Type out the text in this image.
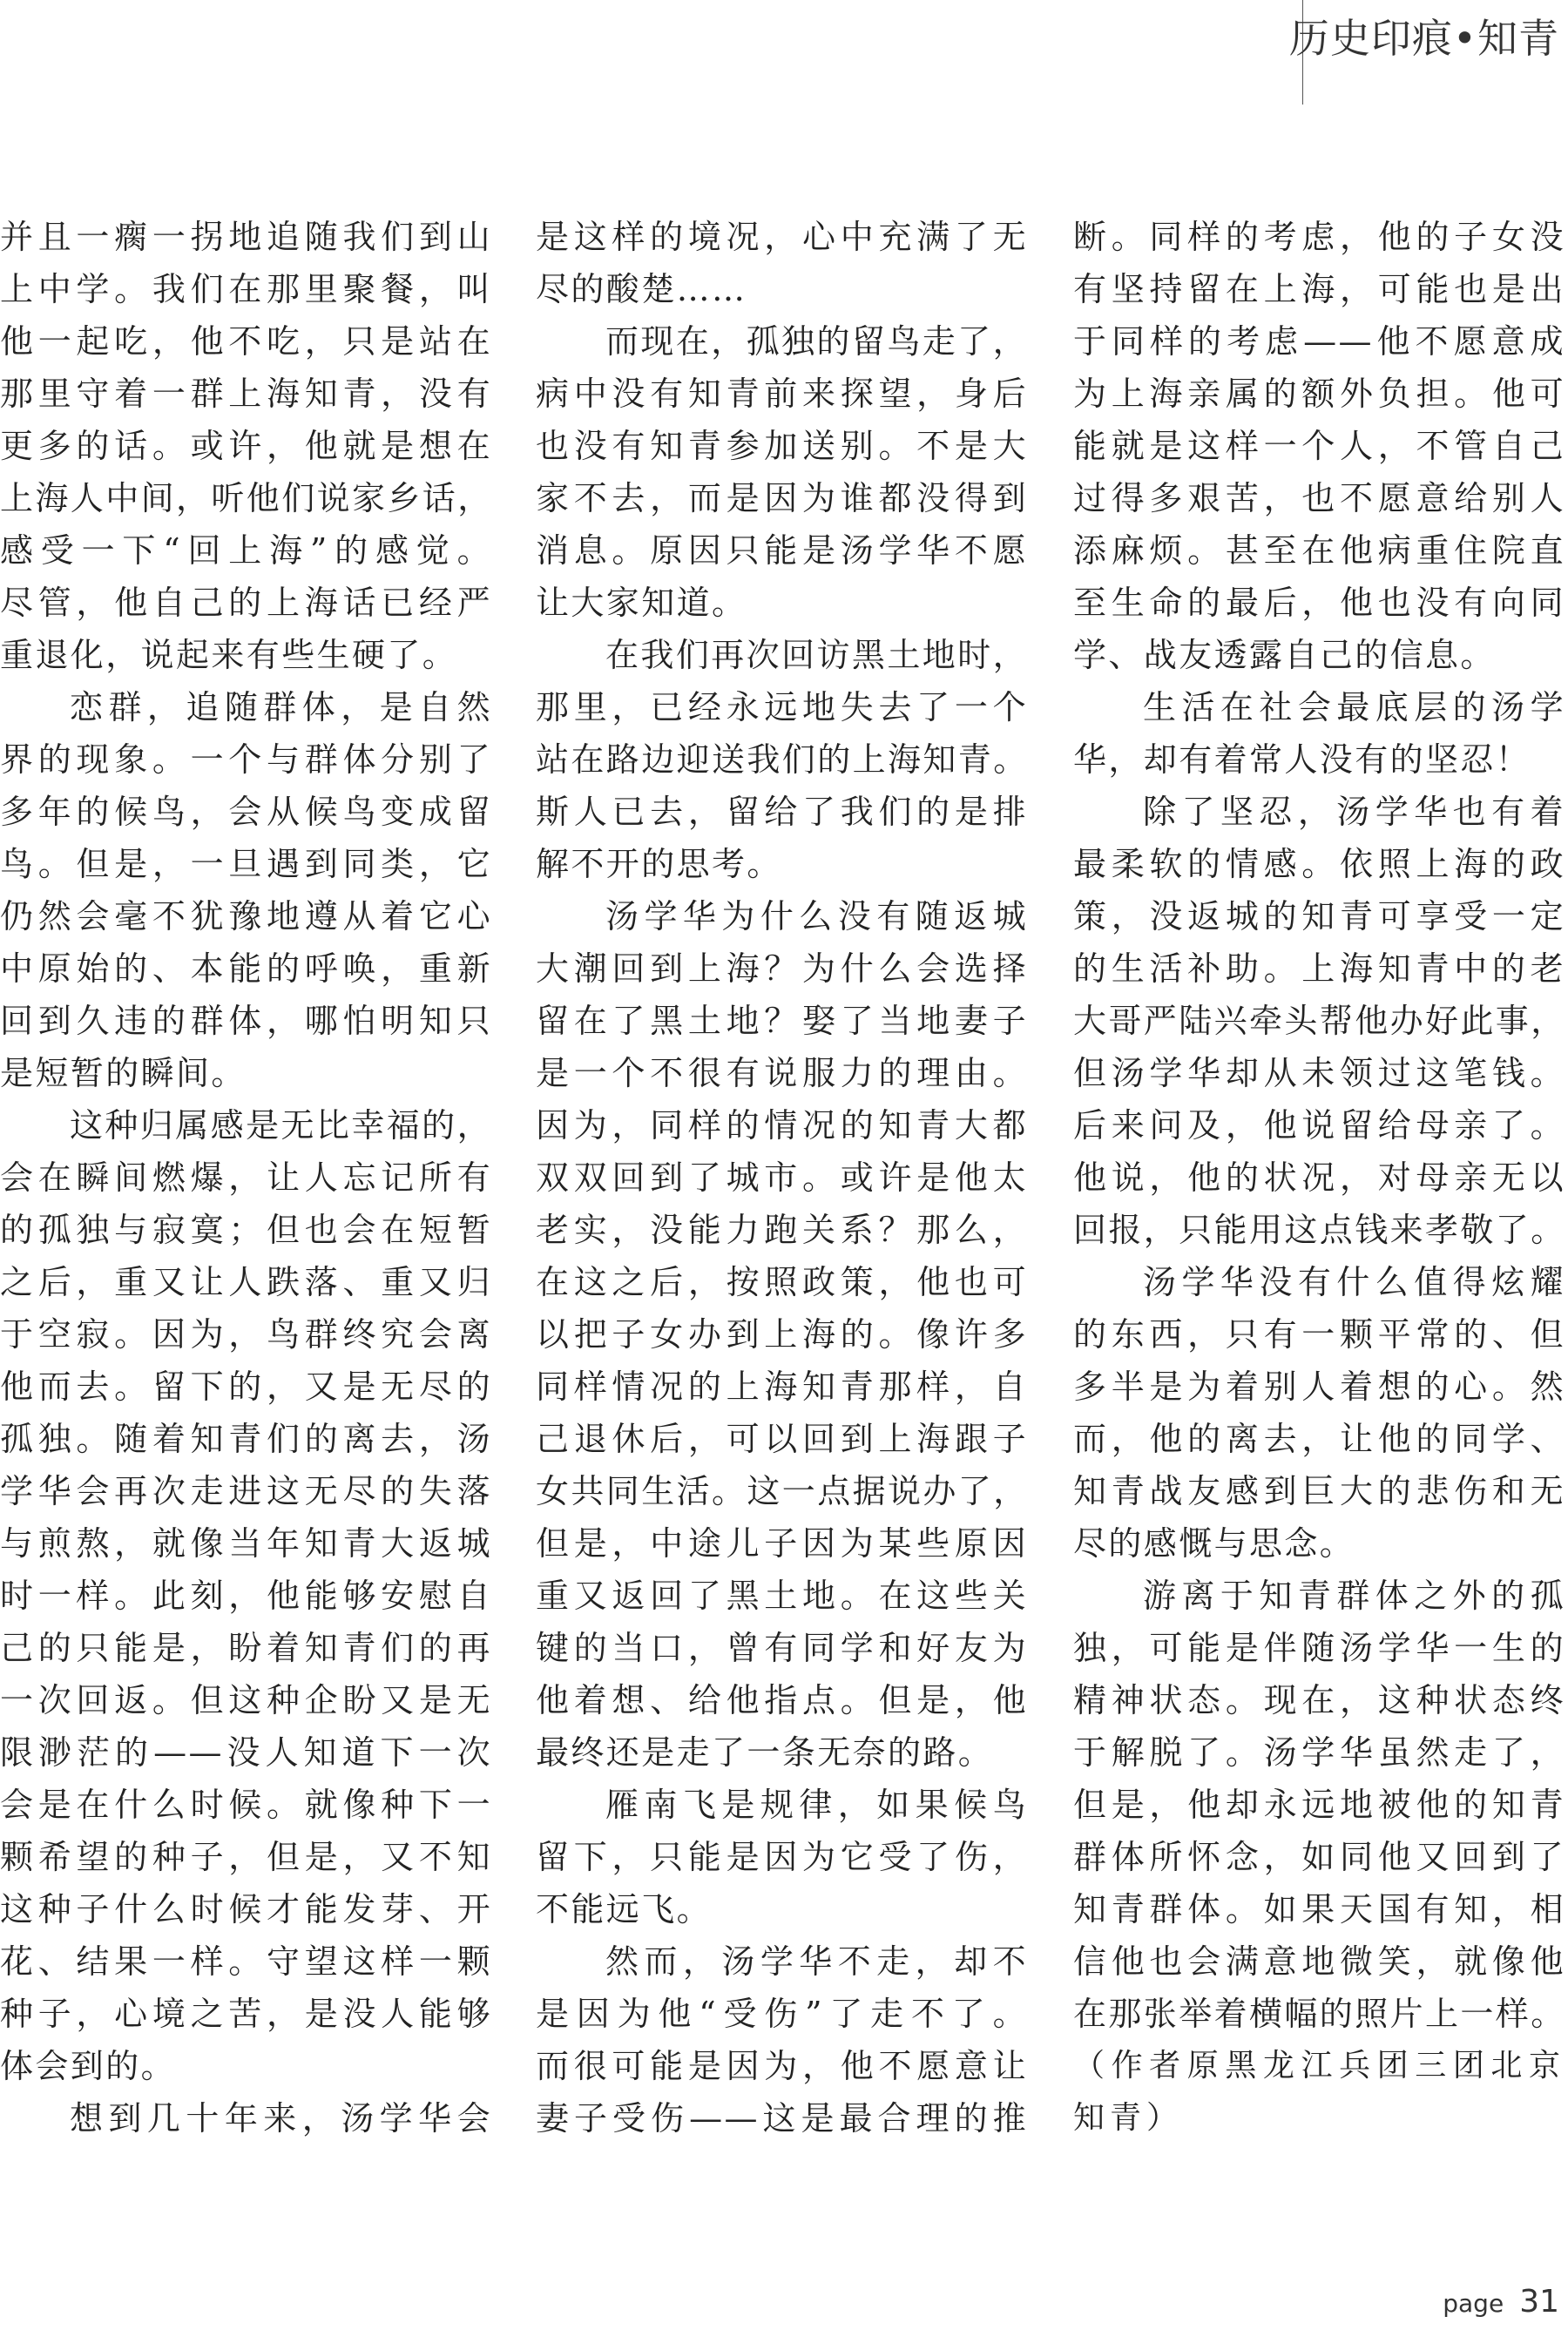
历史印痕•知青
并且一瘸一拐地追随我们到山
上中学。我们在那里聚餐，叫
他一起吃，他不吃，只是站在
那里守着一群上海知青，没有
更多的话。或许，他就是想在
上海人中间，听他们说家乡话，
感受一下“回上海”的感觉。
尽管，他自己的上海话已经严
重退化，说起来有些生硬了。
恋群，追随群体，是自然
界的现象。一个与群体分别了
多年的候鸟，会从候鸟变成留
鸟。但是，一旦遇到同类，它
仍然会毫不犹豫地遵从着它心
中原始的、本能的呼唤，重新
回到久违的群体，哪怕明知只
是短暂的瞬间。
这种归属感是无比幸福的，
会在瞬间燃爆，让人忘记所有
的孤独与寂寞；但也会在短暂
之后，重又让人跌落、重又归
于空寂。因为，鸟群终究会离
他而去。留下的，又是无尽的
孤独。随着知青们的离去，汤
学华会再次走进这无尽的失落
与煎熬，就像当年知青大返城
时一样。此刻，他能够安慰自
己的只能是，盼着知青们的再
一次回返。但这种企盼又是无
限渺茫的——没人知道下一次
会是在什么时候。就像种下一
颗希望的种子，但是，又不知
这种子什么时候才能发芽、开
花、结果一样。守望这样一颗
种子，心境之苦，是没人能够
体会到的。
想到几十年来，汤学华会
是这样的境况，心中充满了无
尽的酸楚……
而现在，孤独的留鸟走了，
病中没有知青前来探望，身后
也没有知青参加送别。不是大
家不去，而是因为谁都没得到
消息。原因只能是汤学华不愿
让大家知道。
在我们再次回访黑土地时，
那里，已经永远地失去了一个
站在路边迎送我们的上海知青。
斯人已去，留给了我们的是排
解不开的思考。
汤学华为什么没有随返城
大潮回到上海？为什么会选择
留在了黑土地？娶了当地妻子
是一个不很有说服力的理由。
因为，同样的情况的知青大都
双双回到了城市。或许是他太
老实，没能力跑关系？那么，
在这之后，按照政策，他也可
以把子女办到上海的。像许多
同样情况的上海知青那样，自
己退休后，可以回到上海跟子
女共同生活。这一点据说办了，
但是，中途儿子因为某些原因
重又返回了黑土地。在这些关
键的当口，曾有同学和好友为
他着想、给他指点。但是，他
最终还是走了一条无奈的路。
雁南飞是规律，如果候鸟
留下，只能是因为它受了伤，
不能远飞。
然而，汤学华不走，却不
是因为他“受伤”了走不了。
而很可能是因为，他不愿意让
妻子受伤——这是最合理的推
断。同样的考虑，他的子女没
有坚持留在上海，可能也是出
于同样的考虑——他不愿意成
为上海亲属的额外负担。他可
能就是这样一个人，不管自己
过得多艰苦，也不愿意给别人
添麻烦。甚至在他病重住院直
至生命的最后，他也没有向同
学、战友透露自己的信息。
生活在社会最底层的汤学
华，却有着常人没有的坚忍！
除了坚忍，汤学华也有着
最柔软的情感。依照上海的政
策，没返城的知青可享受一定
的生活补助。上海知青中的老
大哥严陆兴牵头帮他办好此事，
但汤学华却从未领过这笔钱。
后来问及，他说留给母亲了。
他说，他的状况，对母亲无以
回报，只能用这点钱来孝敬了。
汤学华没有什么值得炫耀
的东西，只有一颗平常的、但
多半是为着别人着想的心。然
而，他的离去，让他的同学、
知青战友感到巨大的悲伤和无
尽的感慨与思念。
游离于知青群体之外的孤
独，可能是伴随汤学华一生的
精神状态。现在，这种状态终
于解脱了。汤学华虽然走了，
但是，他却永远地被他的知青
群体所怀念，如同他又回到了
知青群体。如果天国有知，相
信他也会满意地微笑，就像他
在那张举着横幅的照片上一样。
（作者原黑龙江兵团三团北京
知青）
page 31
